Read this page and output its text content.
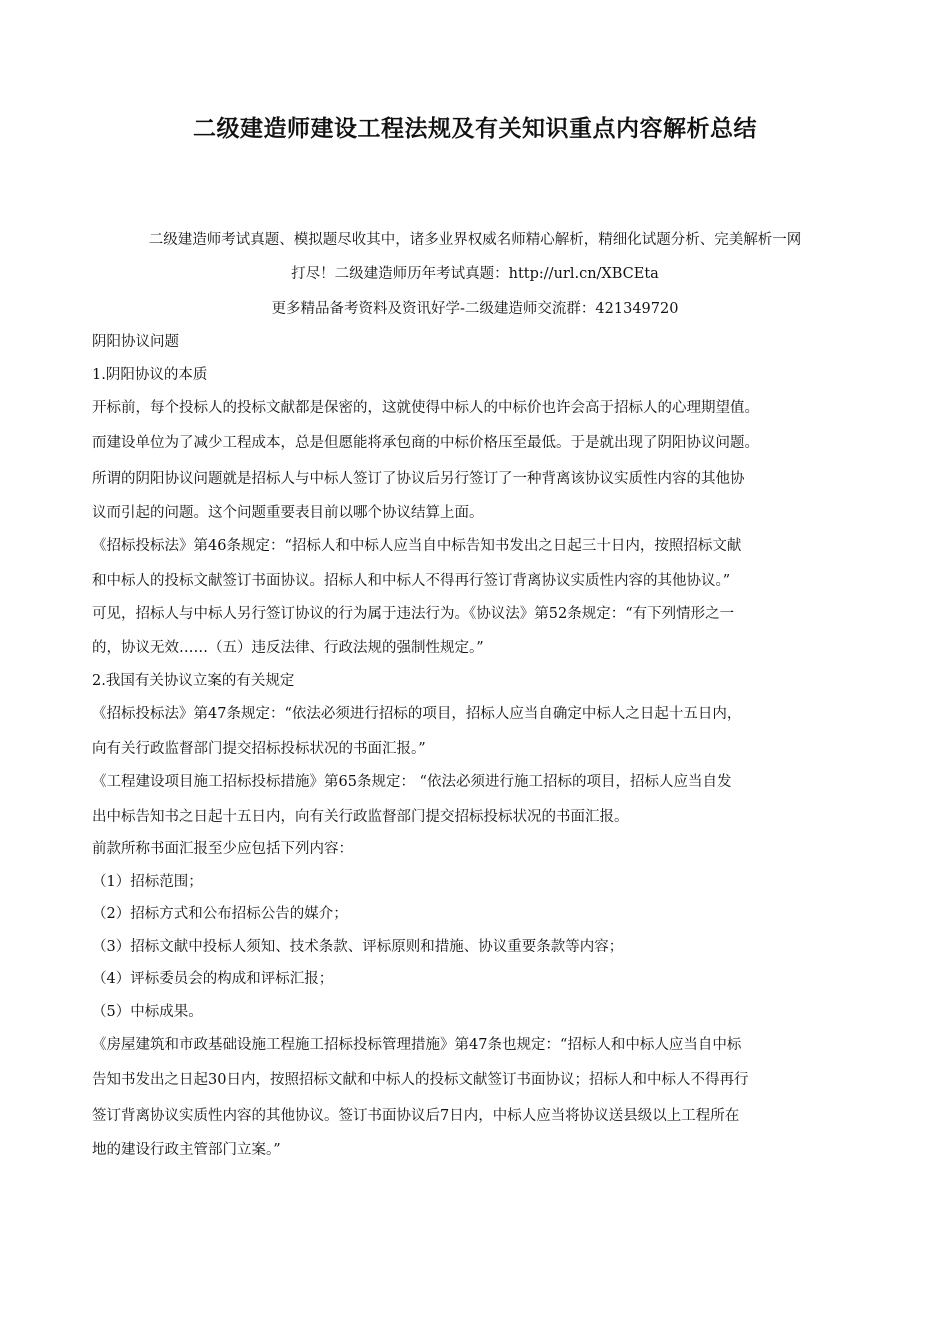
二级建造师建设工程法规及有关知识重点内容解析总结

二级建造师考试真题、模拟题尽收其中，诸多业界权威名师精心解析，精细化试题分析、完美解析一网

打尽！二级建造师历年考试真题：http://url.cn/XBCEta

更多精品备考资料及资讯好学-二级建造师交流群：421349720

阴阳协议问题

1.阴阳协议的本质

开标前，每个投标人的投标文献都是保密的，这就使得中标人的中标价也许会高于招标人的心理期望值。

而建设单位为了减少工程成本，总是但愿能将承包商的中标价格压至最低。于是就出现了阴阳协议问题。

所谓的阴阳协议问题就是招标人与中标人签订了协议后另行签订了一种背离该协议实质性内容的其他协

议而引起的问题。这个问题重要表目前以哪个协议结算上面。

《招标投标法》第46条规定：“招标人和中标人应当自中标告知书发出之日起三十日内，按照招标文献

和中标人的投标文献签订书面协议。招标人和中标人不得再行签订背离协议实质性内容的其他协议。”

可见，招标人与中标人另行签订协议的行为属于违法行为。《协议法》第52条规定：“有下列情形之一

的，协议无效……（五）违反法律、行政法规的强制性规定。”

2.我国有关协议立案的有关规定

《招标投标法》第47条规定：“依法必须进行招标的项目，招标人应当自确定中标人之日起十五日内，

向有关行政监督部门提交招标投标状况的书面汇报。”

《工程建设项目施工招标投标措施》第65条规定： “依法必须进行施工招标的项目，招标人应当自发

出中标告知书之日起十五日内，向有关行政监督部门提交招标投标状况的书面汇报。

前款所称书面汇报至少应包括下列内容：

（1）招标范围；

（2）招标方式和公布招标公告的媒介；

（3）招标文献中投标人须知、技术条款、评标原则和措施、协议重要条款等内容；

（4）评标委员会的构成和评标汇报；

（5）中标成果。

《房屋建筑和市政基础设施工程施工招标投标管理措施》第47条也规定：“招标人和中标人应当自中标

告知书发出之日起30日内，按照招标文献和中标人的投标文献签订书面协议；招标人和中标人不得再行

签订背离协议实质性内容的其他协议。签订书面协议后7日内，中标人应当将协议送县级以上工程所在

地的建设行政主管部门立案。”
